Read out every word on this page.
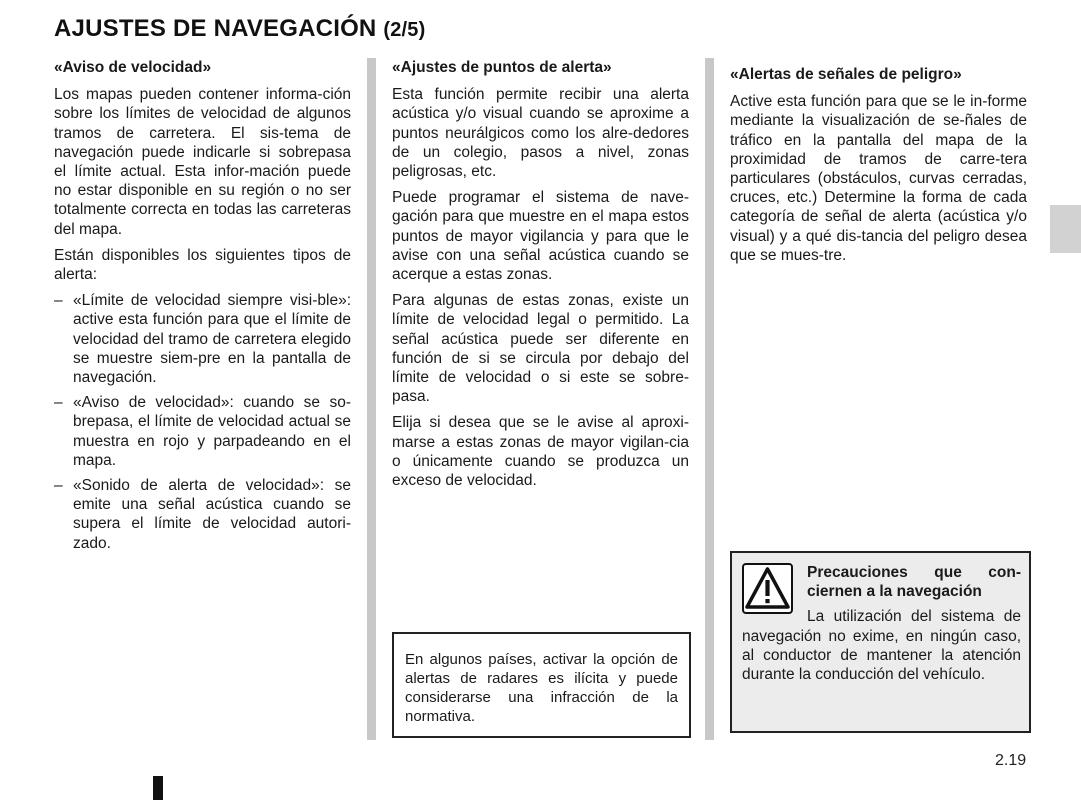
AJUSTES DE NAVEGACIÓN (2/5)

«Aviso de velocidad»

Los mapas pueden contener informa-ción sobre los límites de velocidad de algunos tramos de carretera. El sis-tema de navegación puede indicarle si sobrepasa el límite actual. Esta infor-mación puede no estar disponible en su región o no ser totalmente correcta en todas las carreteras del mapa.

Están disponibles los siguientes tipos de alerta:

– «Límite de velocidad siempre visi-ble»: active esta función para que el límite de velocidad del tramo de carretera elegido se muestre siem-pre en la pantalla de navegación.
– «Aviso de velocidad»: cuando se so-brepasa, el límite de velocidad actual se muestra en rojo y parpadeando en el mapa.
– «Sonido de alerta de velocidad»: se emite una señal acústica cuando se supera el límite de velocidad autori-zado.

«Ajustes de puntos de alerta»

Esta función permite recibir una alerta acústica y/o visual cuando se aproxime a puntos neurálgicos como los alre-dedores de un colegio, pasos a nivel, zonas peligrosas, etc.

Puede programar el sistema de nave-gación para que muestre en el mapa estos puntos de mayor vigilancia y para que le avise con una señal acústica cuando se acerque a estas zonas.

Para algunas de estas zonas, existe un límite de velocidad legal o permitido. La señal acústica puede ser diferente en función de si se circula por debajo del límite de velocidad o si este se sobre-pasa.

Elija si desea que se le avise al aproxi-marse a estas zonas de mayor vigilan-cia o únicamente cuando se produzca un exceso de velocidad.

En algunos países, activar la opción de alertas de radares es ilícita y puede considerarse una infracción de la normativa.

«Alertas de señales de peligro»

Active esta función para que se le in-forme mediante la visualización de se-ñales de tráfico en la pantalla del mapa de la proximidad de tramos de carre-tera particulares (obstáculos, curvas cerradas, cruces, etc.) Determine la forma de cada categoría de señal de alerta (acústica y/o visual) y a qué dis-tancia del peligro desea que se mues-tre.

Precauciones que con-ciernen a la navegación
La utilización del sistema de navegación no exime, en ningún caso, al conductor de mantener la atención durante la conducción del vehículo.
2.19
